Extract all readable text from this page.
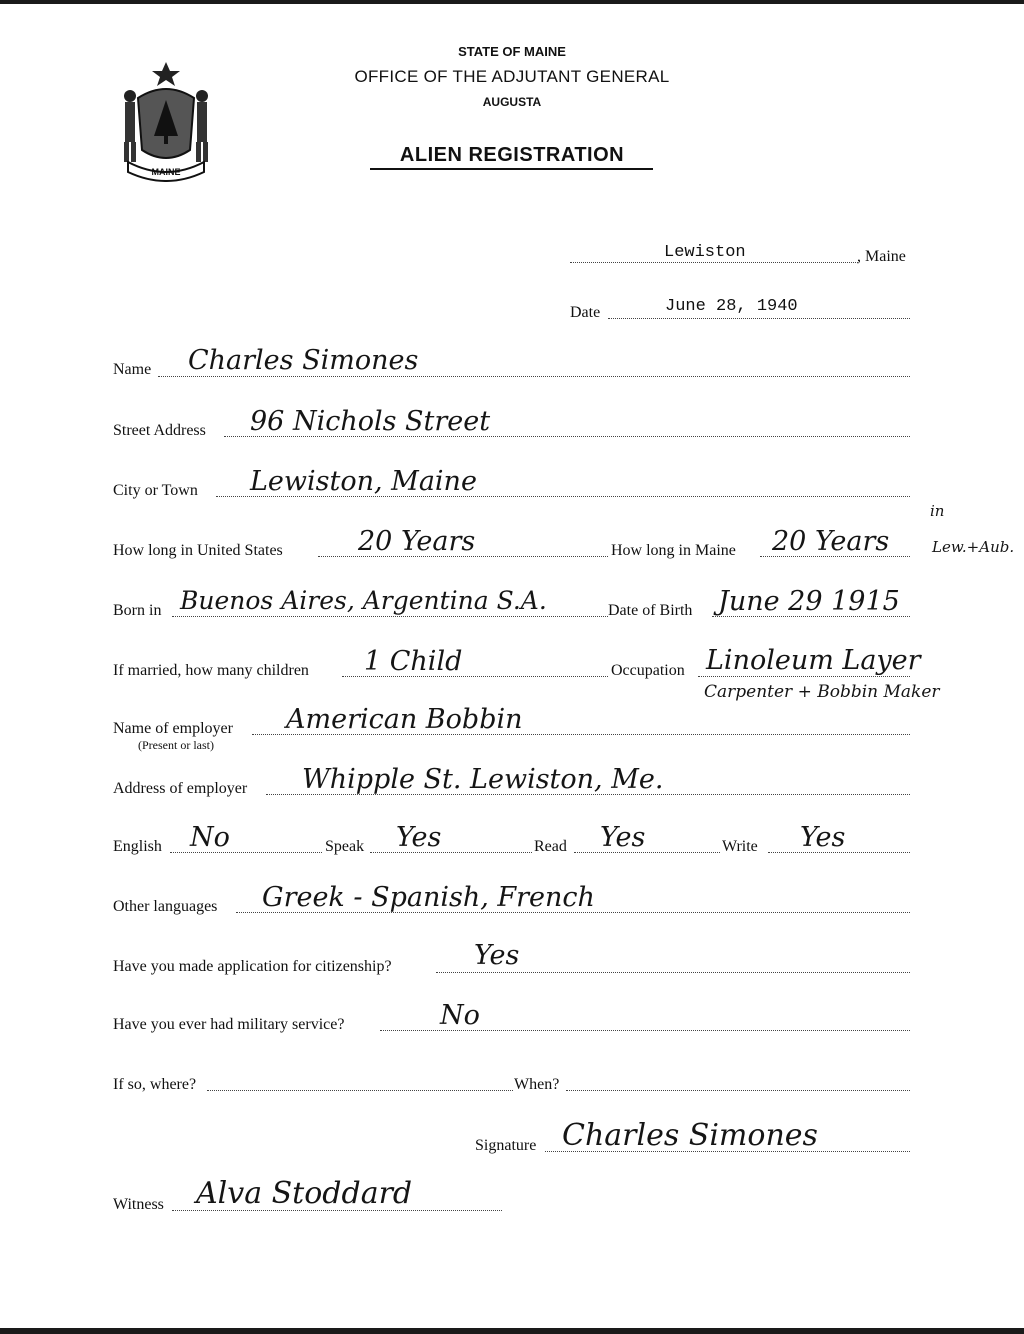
MAINE
STATE OF MAINE
OFFICE OF THE ADJUTANT GENERAL
AUGUSTA
ALIEN REGISTRATION
Lewiston	, Maine
Date	June 28, 1940
Name Charles Simones
Street Address 96 Nichols Street
City or Town Lewiston, Maine
How long in United States	20 Years	How long in Maine 20 Years
in
Lew.+Aub.
Born in Buenos Aires, Argentina S.A.	Date of Birth June 29 1915
If married, how many children 1 Child	Occupation Linoleum Layer
Carpenter + Bobbin Maker
Name of employer
(Present or last)
American Bobbin
Address of employer Whipple St. Lewiston, Me.
English No	Speak Yes	Read Yes	Write Yes
Other languages Greek - Spanish, French
Have you made application for citizenship?	Yes
Have you ever had military service?	No
If so, where?	When?
Signature Charles Simones
Witness Alva Stoddard
